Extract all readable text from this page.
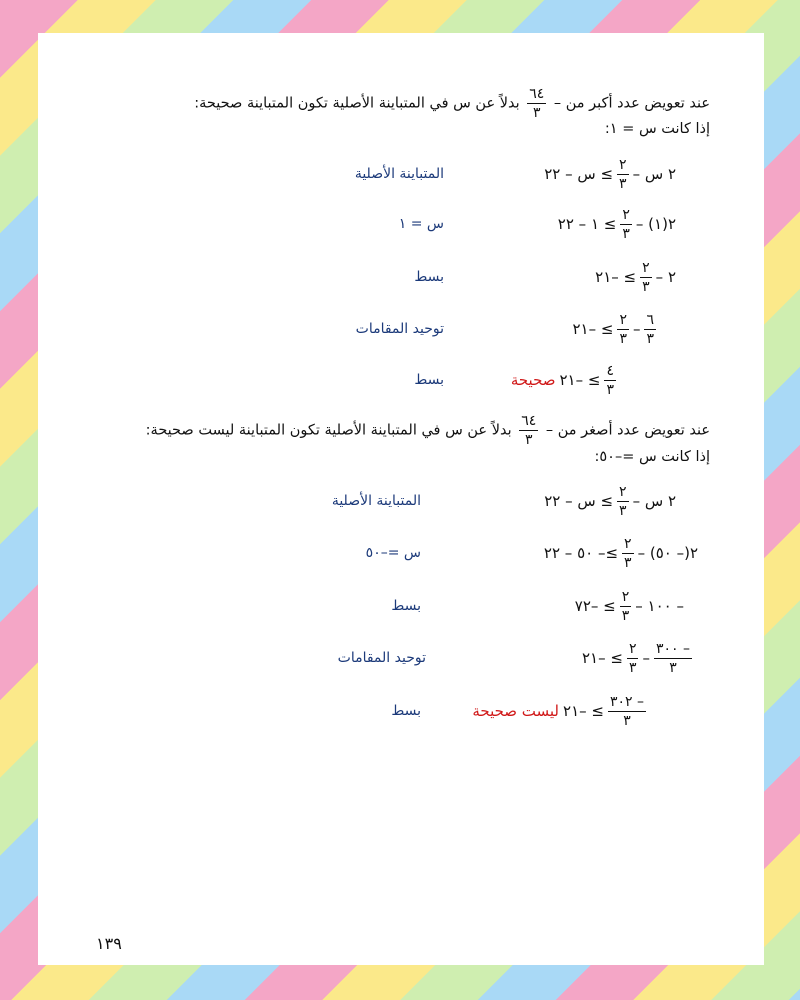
عند تعويض عدد أكبر من –
$\frac{٦٤}{٣}$
بدلاً عن س في المتباينة الأصلية تكون المتباينة صحيحة:
إذا كانت س = ١:
٢ س –
$\frac{٢}{٣}$
≥ س – ٢٢
المتباينة الأصلية
٢(١) –
$\frac{٢}{٣}$
≥ ١ – ٢٢
س = ١
٢ –
$\frac{٢}{٣}$
≥ –٢١
بسط
$\frac{٦}{٣}$
–
$\frac{٢}{٣}$
≥ –٢١
توحيد المقامات
$\frac{٤}{٣}$
≥ –٢١
صحيحة
بسط
عند تعويض عدد أصغر من –
$\frac{٦٤}{٣}$
بدلاً عن س في المتباينة الأصلية تكون المتباينة ليست صحيحة:
إذا كانت س =–٥٠:
٢ س –
$\frac{٢}{٣}$
≥ س – ٢٢
المتباينة الأصلية
٢(– ٥٠) –
$\frac{٢}{٣}$
≥– ٥٠ – ٢٢
س =–٥٠
– ١٠٠ –
$\frac{٢}{٣}$
≥ –٧٢
بسط
$\frac{- ٣٠٠}{٣}$
–
$\frac{٢}{٣}$
≥ –٢١
توحيد المقامات
$\frac{- ٣٠٢}{٣}$
≥ –٢١
ليست صحيحة
بسط
١٣٩
